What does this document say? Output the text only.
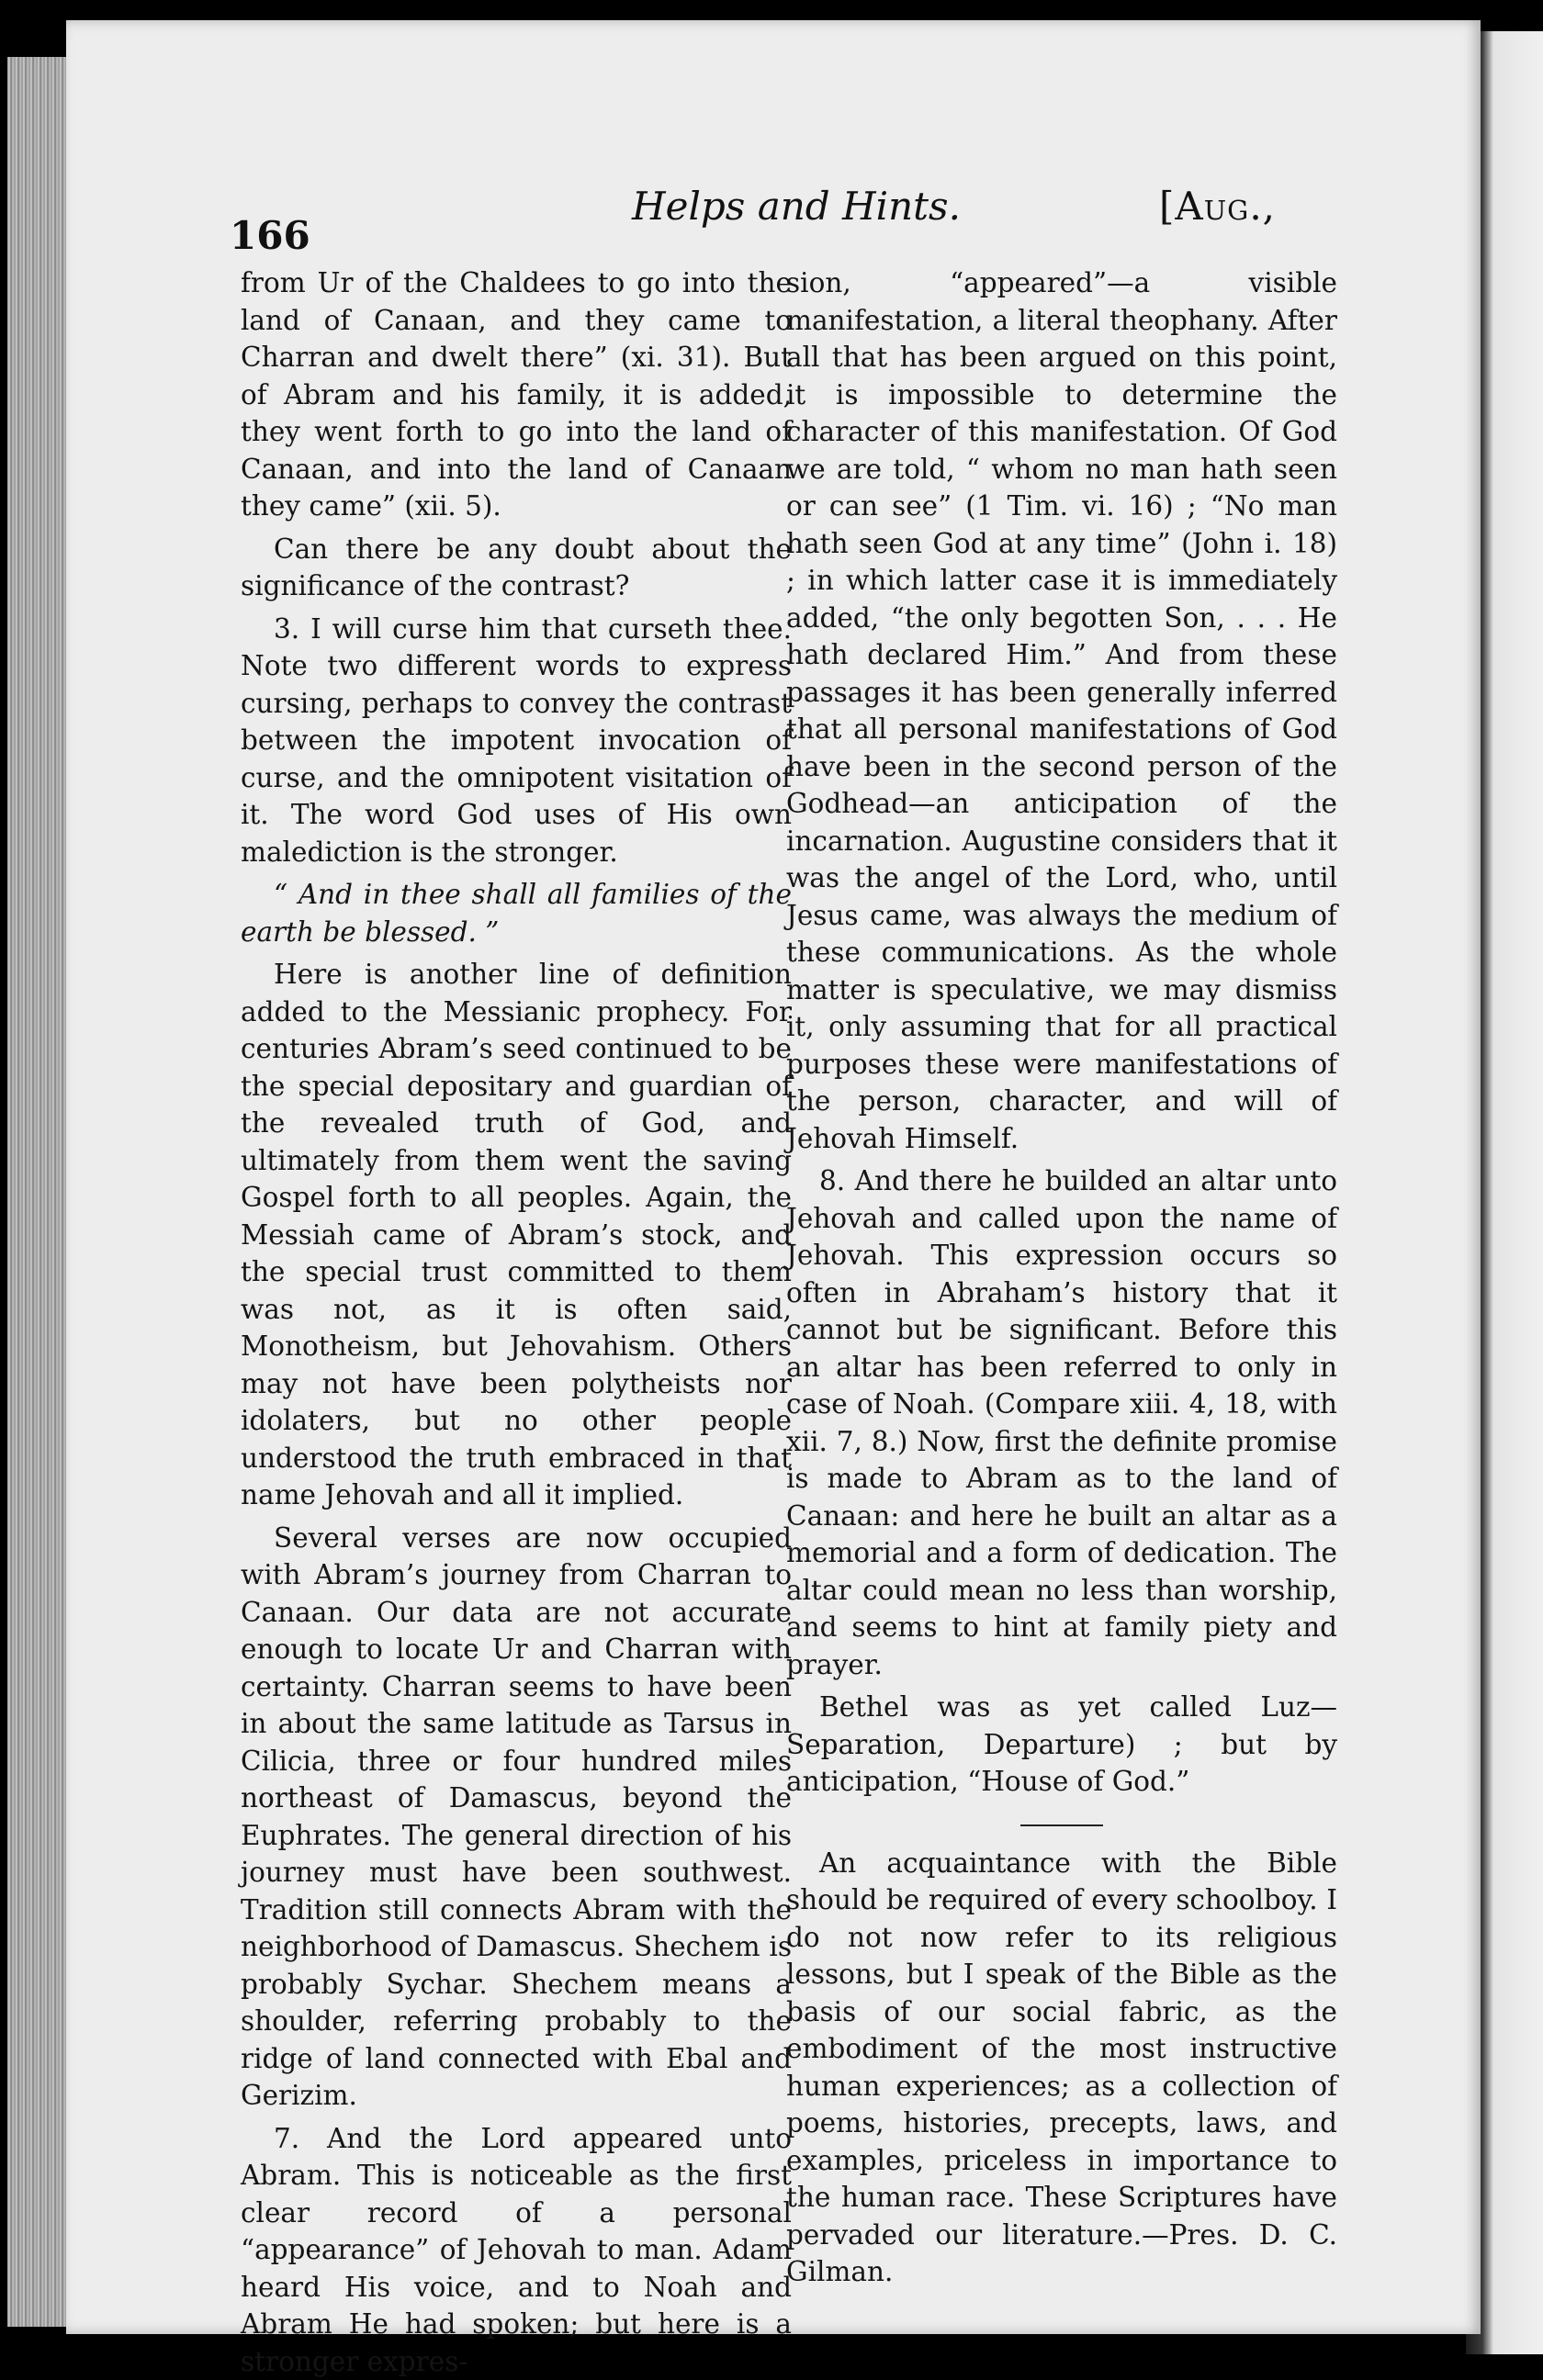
166
Helps and Hints.	[Aug.,

from Ur of the Chaldees to go into the land of Canaan, and they came to Charran and dwelt there” (xi. 31). But of Abram and his family, it is added, they went forth to go into the land of Canaan, and into the land of Canaan they came” (xii. 5).

Can there be any doubt about the significance of the contrast?

3. I will curse him that curseth thee. Note two different words to express cursing, perhaps to convey the contrast between the impotent invocation of curse, and the omnipotent visitation of it. The word God uses of His own malediction is the stronger.

“ And in thee shall all families of the earth be blessed. ”

Here is another line of definition added to the Messianic prophecy. For centuries Abram’s seed continued to be the special depositary and guardian of the revealed truth of God, and ultimately from them went the saving Gospel forth to all peoples. Again, the Messiah came of Abram’s stock, and the special trust committed to them was not, as it is often said, Monotheism, but Jehovahism. Others may not have been polytheists nor idolaters, but no other people understood the truth embraced in that name Jehovah and all it implied.

Several verses are now occupied with Abram’s journey from Charran to Canaan. Our data are not accurate enough to locate Ur and Charran with certainty. Charran seems to have been in about the same latitude as Tarsus in Cilicia, three or four hundred miles northeast of Damascus, beyond the Euphrates. The general direction of his journey must have been southwest. Tradition still connects Abram with the neighborhood of Damascus. Shechem is probably Sychar. Shechem means a shoulder, referring probably to the ridge of land connected with Ebal and Gerizim.

7. And the Lord appeared unto Abram. This is noticeable as the first clear record of a personal “appearance” of Jehovah to man. Adam heard His voice, and to Noah and Abram He had spoken; but here is a stronger expres-

sion, “appeared”—a visible manifestation, a literal theophany. After all that has been argued on this point, it is impossible to determine the character of this manifestation. Of God we are told, “ whom no man hath seen or can see” (1 Tim. vi. 16) ; “No man hath seen God at any time” (John i. 18) ; in which latter case it is immediately added, “the only begotten Son, . . . He hath declared Him.” And from these passages it has been generally inferred that all personal manifestations of God have been in the second person of the Godhead—an anticipation of the incarnation. Augustine considers that it was the angel of the Lord, who, until Jesus came, was always the medium of these communications. As the whole matter is speculative, we may dismiss it, only assuming that for all practical purposes these were manifestations of the person, character, and will of Jehovah Himself.

8. And there he builded an altar unto Jehovah and called upon the name of Jehovah. This expression occurs so often in Abraham’s history that it cannot but be significant. Before this an altar has been referred to only in case of Noah. (Compare xiii. 4, 18, with xii. 7, 8.) Now, first the definite promise is made to Abram as to the land of Canaan: and here he built an altar as a memorial and a form of dedication. The altar could mean no less than worship, and seems to hint at family piety and prayer.

Bethel was as yet called Luz—Separation, Departure) ; but by anticipation, “House of God.”

An acquaintance with the Bible should be required of every schoolboy. I do not now refer to its religious lessons, but I speak of the Bible as the basis of our social fabric, as the embodiment of the most instructive human experiences; as a collection of poems, histories, precepts, laws, and examples, priceless in importance to the human race. These Scriptures have pervaded our literature.—Pres. D. C. Gilman.
